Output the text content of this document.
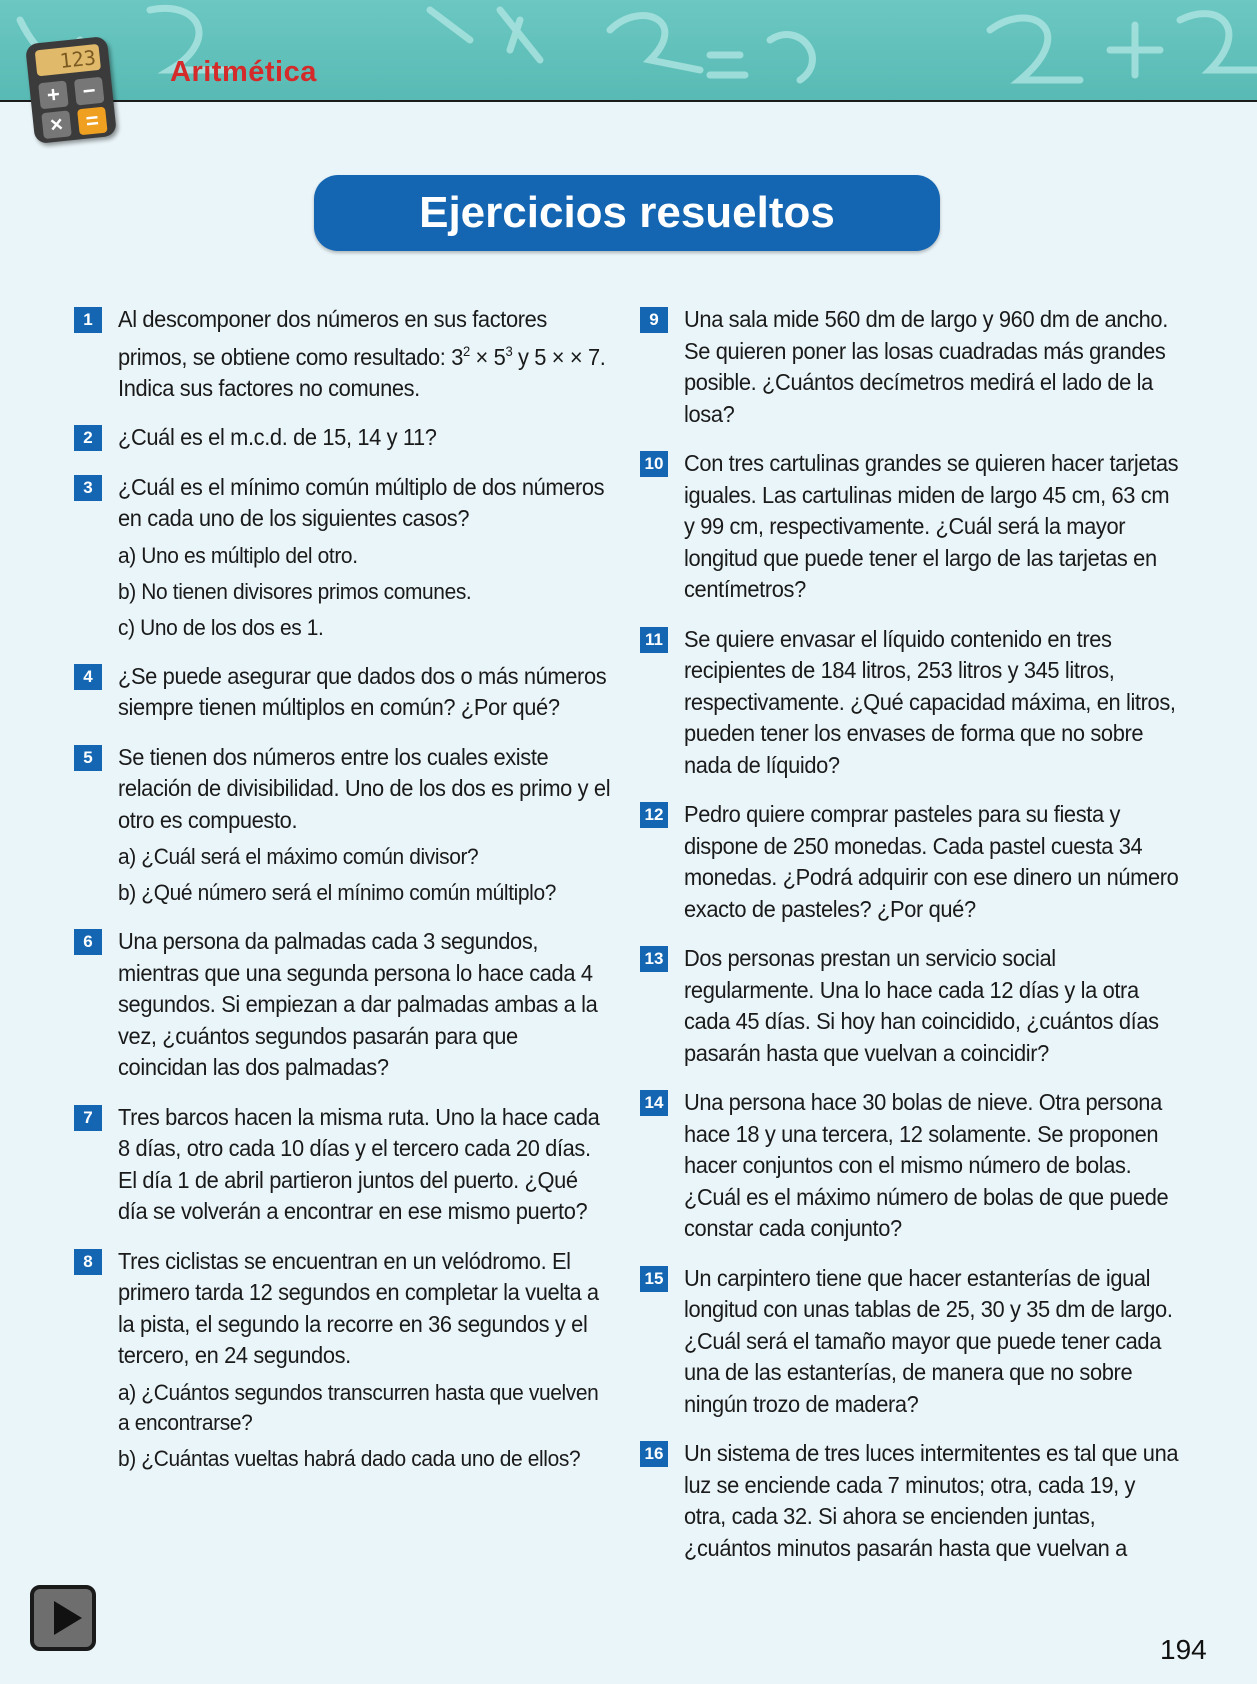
123
+ −
× =
Aritmética
Ejercicios resueltos
1	Al descomponer dos números en sus factores primos, se obtiene como resultado: $3^2 \times 5^3$ y 5 × × 7. Indica sus factores no comunes.
2	¿Cuál es el m.c.d. de 15, 14 y 11?
3	¿Cuál es el mínimo común múltiplo de dos números en cada uno de los siguientes casos?
a) Uno es múltiplo del otro.
b) No tienen divisores primos comunes.
c) Uno de los dos es 1.
4	¿Se puede asegurar que dados dos o más números siempre tienen múltiplos en común? ¿Por qué?
5	Se tienen dos números entre los cuales existe relación de divisibilidad. Uno de los dos es primo y el otro es compuesto.
a) ¿Cuál será el máximo común divisor?
b) ¿Qué número será el mínimo común múltiplo?
6	Una persona da palmadas cada 3 segundos, mientras que una segunda persona lo hace cada 4 segundos. Si empiezan a dar palmadas ambas a la vez, ¿cuántos segundos pasarán para que coincidan las dos palmadas?
7	Tres barcos hacen la misma ruta. Uno la hace cada 8 días, otro cada 10 días y el tercero cada 20 días. El día 1 de abril partieron juntos del puerto. ¿Qué día se volverán a encontrar en ese mismo puerto?
8	Tres ciclistas se encuentran en un velódromo. El primero tarda 12 segundos en completar la vuelta a la pista, el segundo la recorre en 36 segundos y el tercero, en 24 segundos.
a) ¿Cuántos segundos transcurren hasta que vuelven a encontrarse?
b) ¿Cuántas vueltas habrá dado cada uno de ellos?
9	Una sala mide 560 dm de largo y 960 dm de ancho. Se quieren poner las losas cuadradas más grandes posible. ¿Cuántos decímetros medirá el lado de la losa?
10 Con tres cartulinas grandes se quieren hacer tarjetas iguales. Las cartulinas miden de largo 45 cm, 63 cm y 99 cm, respectivamente. ¿Cuál será la mayor longitud que puede tener el largo de las tarjetas en centímetros?
11 Se quiere envasar el líquido contenido en tres recipientes de 184 litros, 253 litros y 345 litros, respectivamente. ¿Qué capacidad máxima, en litros, pueden tener los envases de forma que no sobre nada de líquido?
12 Pedro quiere comprar pasteles para su fiesta y dispone de 250 monedas. Cada pastel cuesta 34 monedas. ¿Podrá adquirir con ese dinero un número exacto de pasteles? ¿Por qué?
13 Dos personas prestan un servicio social regularmente. Una lo hace cada 12 días y la otra cada 45 días. Si hoy han coincidido, ¿cuántos días pasarán hasta que vuelvan a coincidir?
14 Una persona hace 30 bolas de nieve. Otra persona hace 18 y una tercera, 12 solamente. Se proponen hacer conjuntos con el mismo número de bolas. ¿Cuál es el máximo número de bolas de que puede constar cada conjunto?
15 Un carpintero tiene que hacer estanterías de igual longitud con unas tablas de 25, 30 y 35 dm de largo. ¿Cuál será el tamaño mayor que puede tener cada una de las estanterías, de manera que no sobre ningún trozo de madera?
16 Un sistema de tres luces intermitentes es tal que una luz se enciende cada 7 minutos; otra, cada 19, y otra, cada 32. Si ahora se encienden juntas, ¿cuántos minutos pasarán hasta que vuelvan a
194
